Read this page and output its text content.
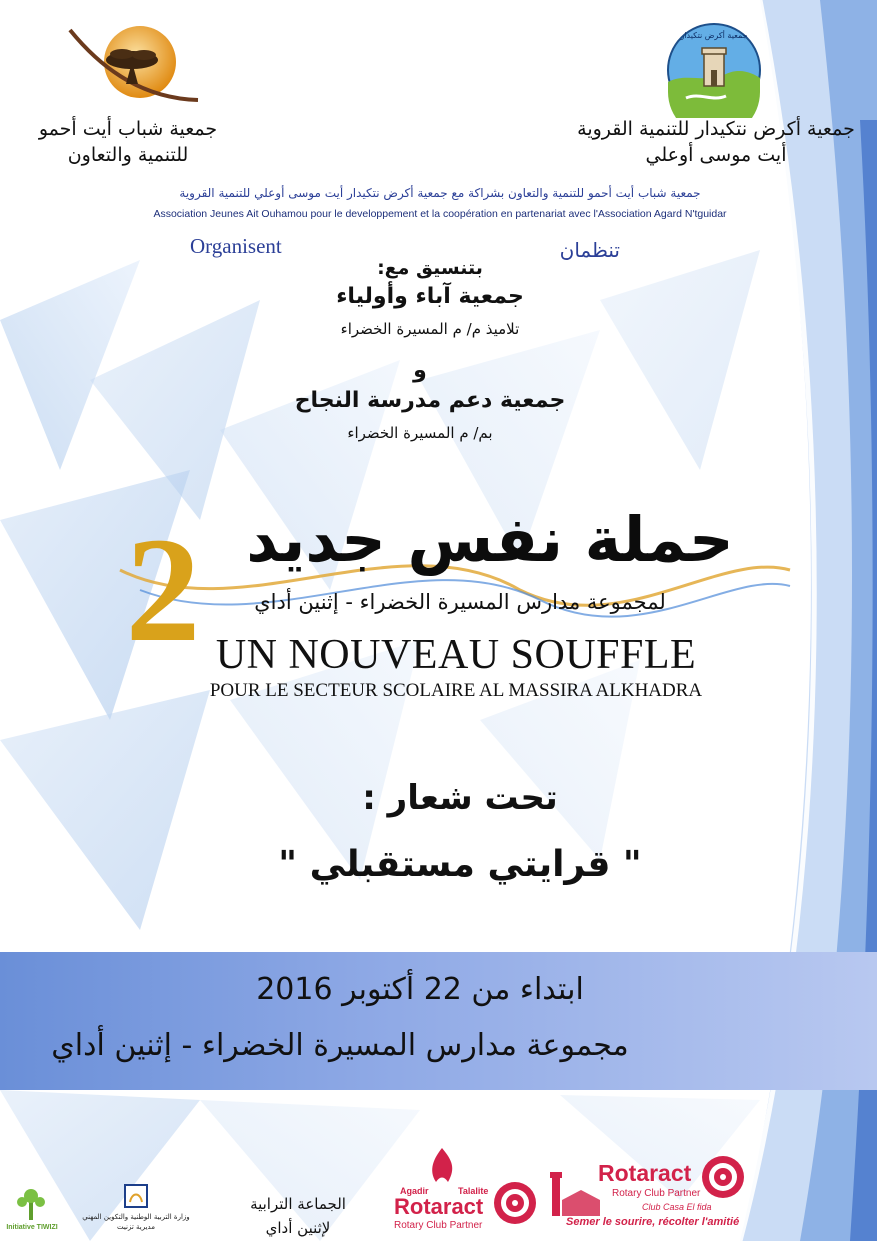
جمعية شباب أيت أحمو
للتنمية والتعاون
جمعية أكرض نتكيدار
جمعية أكرض نتكيدار للتنمية القروية
أيت موسى أوعلي
جمعية شباب أيت أحمو للتنمية والتعاون بشراكة مع جمعية أكرض نتكيدار أيت موسى أوعلي للتنمية القروية
Association Jeunes Ait Ouhamou pour le developpement et la coopération en partenariat avec l'Association Agard N'tguidar
Organisent	تنظمان
بتنسيق مع:
جمعية آباء وأولياء
تلاميذ م/ م المسيرة الخضراء
و
جمعية دعم مدرسة النجاح
بم/ م المسيرة الخضراء
2 حملة نفس جديد
لمجموعة مدارس المسيرة الخضراء - إثنين أداي
UN NOUVEAU SOUFFLE
POUR LE SECTEUR SCOLAIRE AL MASSIRA ALKHADRA
تحت شعار :
" قرايتي مستقبلي "
ابتداء من 22 أكتوبر 2016
مجموعة مدارس المسيرة الخضراء - إثنين أداي
Initiative TIWIZI
وزارة التربية الوطنية والتكوين المهني
مديرية تزنيت
الجماعة الترابية
لإثنين أداي
Agadir	Talalite
Rotaract
Rotary Club Partner
Rotaract
Rotary Club Partner
Club Casa El fida
Semer le sourire, récolter l'amitié
